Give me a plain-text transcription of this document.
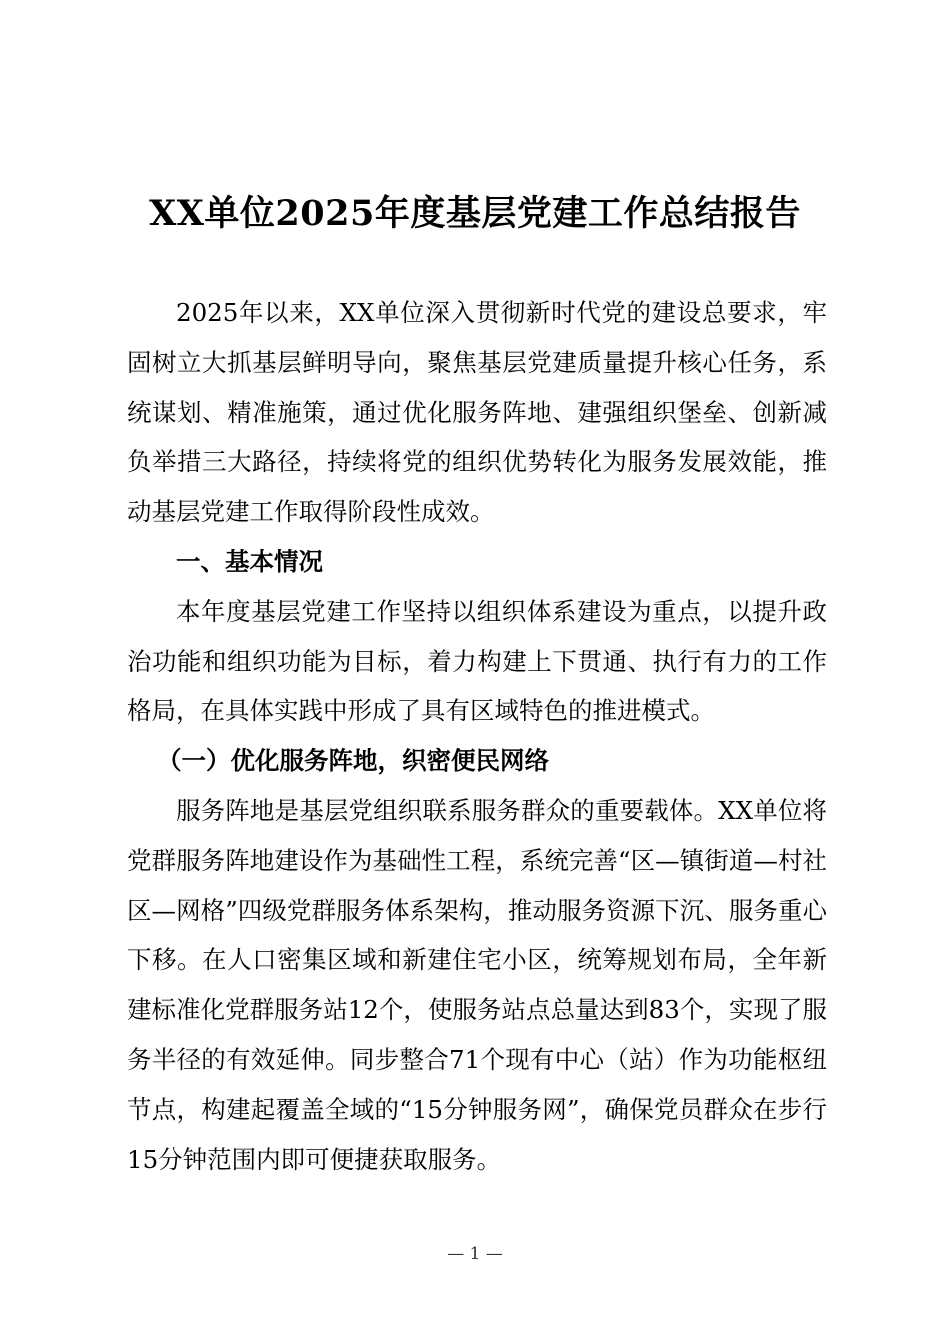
XX单位2025年度基层党建工作总结报告

2025年以来，XX单位深入贯彻新时代党的建设总要求，牢固树立大抓基层鲜明导向，聚焦基层党建质量提升核心任务，系统谋划、精准施策，通过优化服务阵地、建强组织堡垒、创新减负举措三大路径，持续将党的组织优势转化为服务发展效能，推动基层党建工作取得阶段性成效。

一、基本情况

本年度基层党建工作坚持以组织体系建设为重点，以提升政治功能和组织功能为目标，着力构建上下贯通、执行有力的工作格局，在具体实践中形成了具有区域特色的推进模式。

（一）优化服务阵地，织密便民网络

服务阵地是基层党组织联系服务群众的重要载体。XX单位将党群服务阵地建设作为基础性工程，系统完善“区—镇街道—村社区—网格”四级党群服务体系架构，推动服务资源下沉、服务重心下移。在人口密集区域和新建住宅小区，统筹规划布局，全年新建标准化党群服务站12个，使服务站点总量达到83个，实现了服务半径的有效延伸。同步整合71个现有中心（站）作为功能枢纽节点，构建起覆盖全域的“15分钟服务网”，确保党员群众在步行15分钟范围内即可便捷获取服务。

— 1 —
